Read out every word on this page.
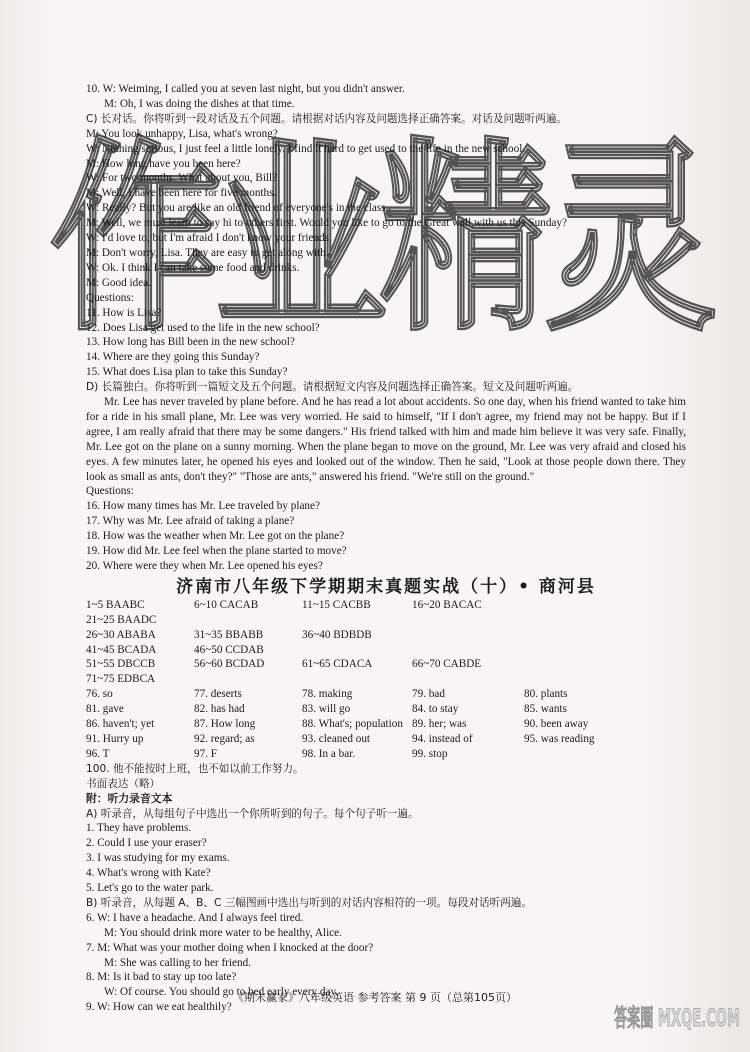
作业精灵
10. W: Weiming, I called you at seven last night, but you didn't answer.
M: Oh, I was doing the dishes at that time.
C) 长对话。你将听到一段对话及五个问题。请根据对话内容及问题选择正确答案。对话及问题听两遍。
M: You look unhappy, Lisa, what's wrong?
W: Nothing serious, I just feel a little lonely. I find it hard to get used to the life in the new school.
M: How long have you been here?
W: For two months. What about you, Bill?
M: Well, I have been here for five months.
W: Really? But you are like an old friend of everyone's in the class.
M: Well, we must learn to say hi to others first. Would you like to go to the Great wall with us this Sunday?
W: I'd love to, but I'm afraid I don't know your friends.
M: Don't worry, Lisa. They are easy to get along with.
W: Ok. I think I can take some food and drinks.
M: Good idea.
Questions:
11. How is Lisa?
12. Does Lisa get used to the life in the new school?
13. How long has Bill been in the new school?
14. Where are they going this Sunday?
15. What does Lisa plan to take this Sunday?
D) 长篇独白。你将听到一篇短文及五个问题。请根据短文内容及问题选择正确答案。短文及问题听两遍。
Mr. Lee has never traveled by plane before. And he has read a lot about accidents. So one day, when his friend wanted to take him for a ride in his small plane, Mr. Lee was very worried. He said to himself, "If I don't agree, my friend may not be happy. But if I agree, I am really afraid that there may be some dangers." His friend talked with him and made him believe it was very safe. Finally, Mr. Lee got on the plane on a sunny morning. When the plane began to move on the ground, Mr. Lee was very afraid and closed his eyes. A few minutes later, he opened his eyes and looked out of the window. Then he said, "Look at those people down there. They look as small as ants, don't they?" "Those are ants," answered his friend. "We're still on the ground."
Questions:
16. How many times has Mr. Lee traveled by plane?
17. Why was Mr. Lee afraid of taking a plane?
18. How was the weather when Mr. Lee got on the plane?
19. How did Mr. Lee feel when the plane started to move?
20. Where were they when Mr. Lee opened his eyes?
济南市八年级下学期期末真题实战（十）• 商河县
1~5 BAABC	6~10 CACAB	11~15 CACBB	16~20 BACAC
21~25 BAADC
26~30 ABABA	31~35 BBABB	36~40 BDBDB
41~45 BCADA	46~50 CCDAB
51~55 DBCCB	56~60 BCDAD	61~65 CDACA	66~70 CABDE
71~75 EDBCA
76. so	77. deserts	78. making	79. bad	80. plants
81. gave	82. has had	83. will go	84. to stay	85. wants
86. haven't; yet	87. How long	88. What's; population 89. her; was	90. been away
91. Hurry up	92. regard; as	93. cleaned out	94. instead of	95. was reading
96. T	97. F	98. In a bar.	99. stop
100. 他不能按时上班，也不如以前工作努力。
书面表达（略）
附：听力录音文本
A) 听录音，从每组句子中选出一个你所听到的句子。每个句子听一遍。
1. They have problems.
2. Could I use your eraser?
3. I was studying for my exams.
4. What's wrong with Kate?
5. Let's go to the water park.
B) 听录音，从每题 A、B、C 三幅图画中选出与听到的对话内容相符的一项。每段对话听两遍。
6. W: I have a headache. And I always feel tired.
M: You should drink more water to be healthy, Alice.
7. M: What was your mother doing when I knocked at the door?
M: She was calling to her friend.
8. M: Is it bad to stay up too late?
W: Of course. You should go to bed early every day.
9. W: How can we eat healthily?
《期末赢家》八年级英语 参考答案 第 9 页（总第105页）
答案圈 MXQE.COM
